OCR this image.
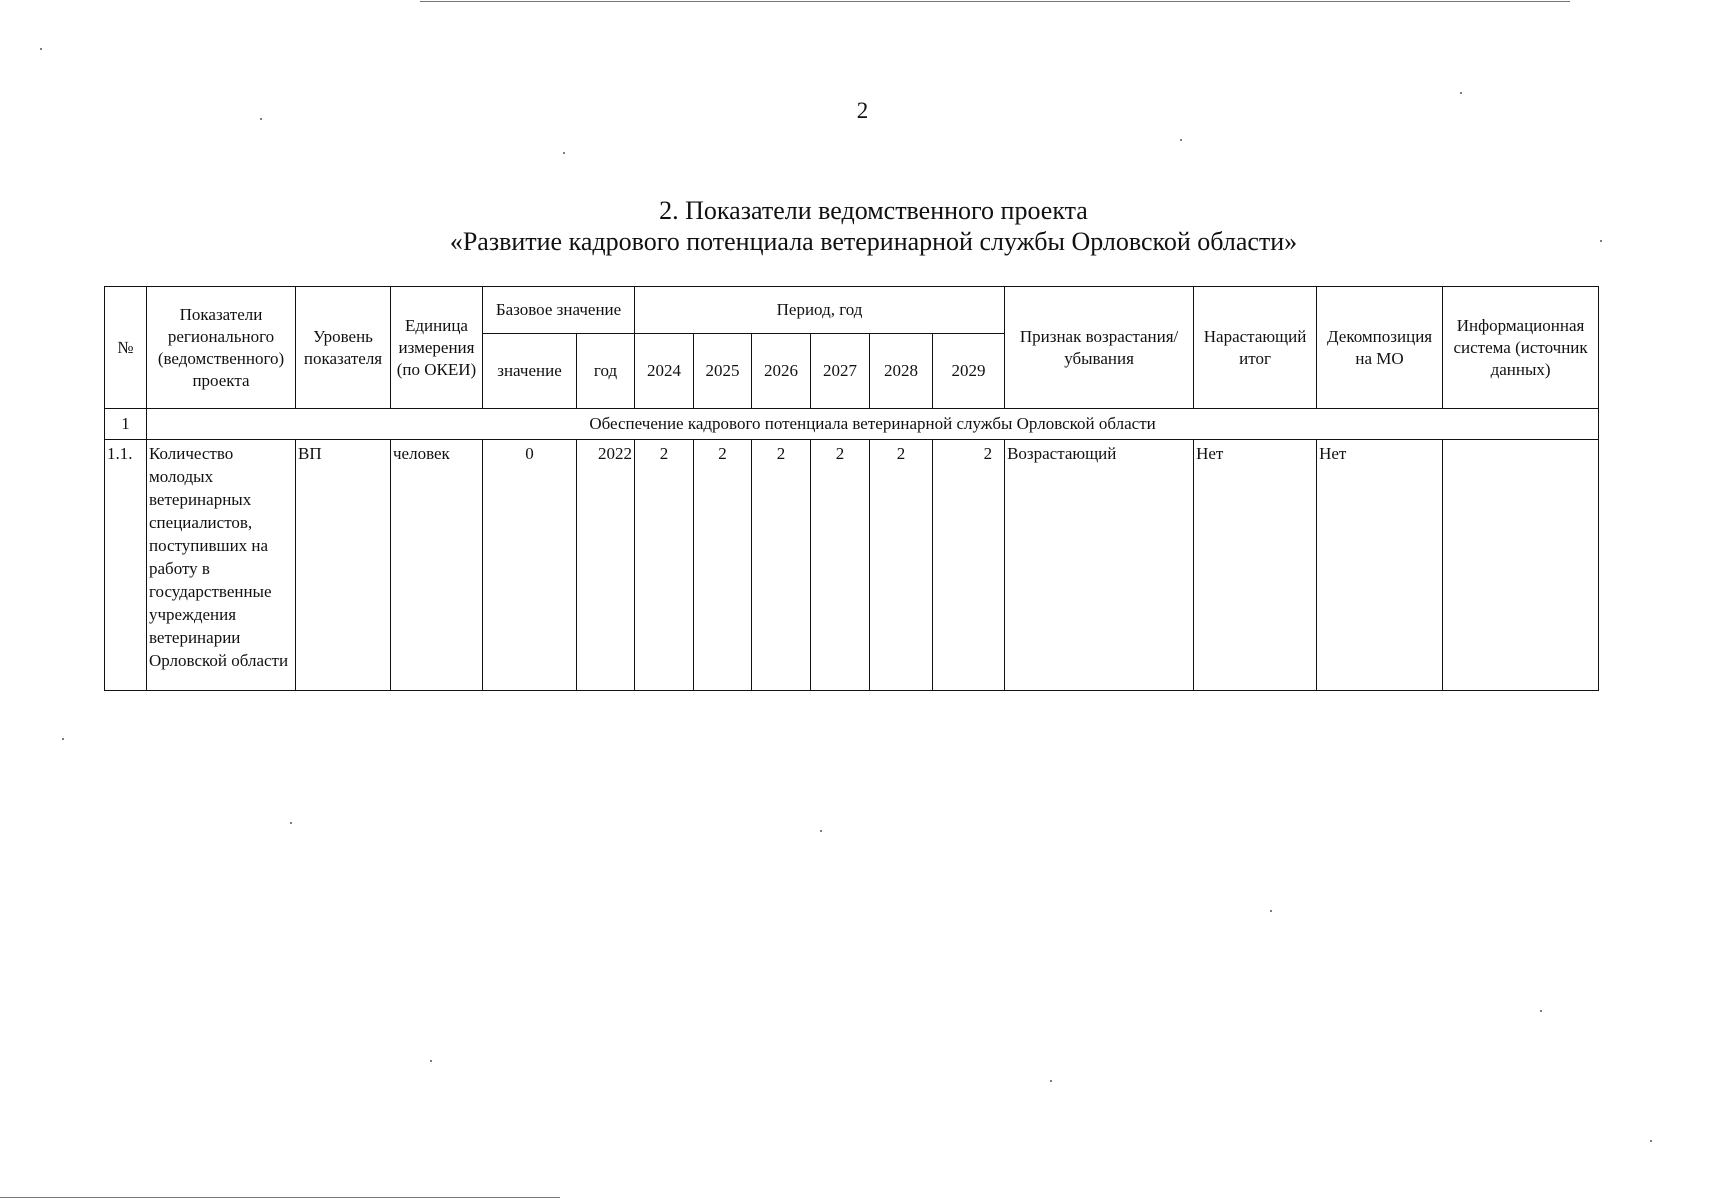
2
2. Показатели ведомственного проекта
«Развитие кадрового потенциала ветеринарной службы Орловской области»
№	Показатели регионального (ведомственного) проекта	Уровень показателя	Единица измерения (по ОКЕИ)	Базовое значение		Период, год						Признак возрастания/убывания	Нарастающий итог	Декомпозиция на МО	Информационная система (источник данных)
				значение	год	2024	2025	2026	2027	2028	2029				
1	Обеспечение кадрового потенциала ветеринарной службы Орловской области														
1.1.	Количество молодых ветеринарных специалистов, поступивших на работу в государственные учреждения ветеринарии Орловской области	ВП	человек	0	2022	2	2	2	2	2	2	Возрастающий	Нет	Нет	
